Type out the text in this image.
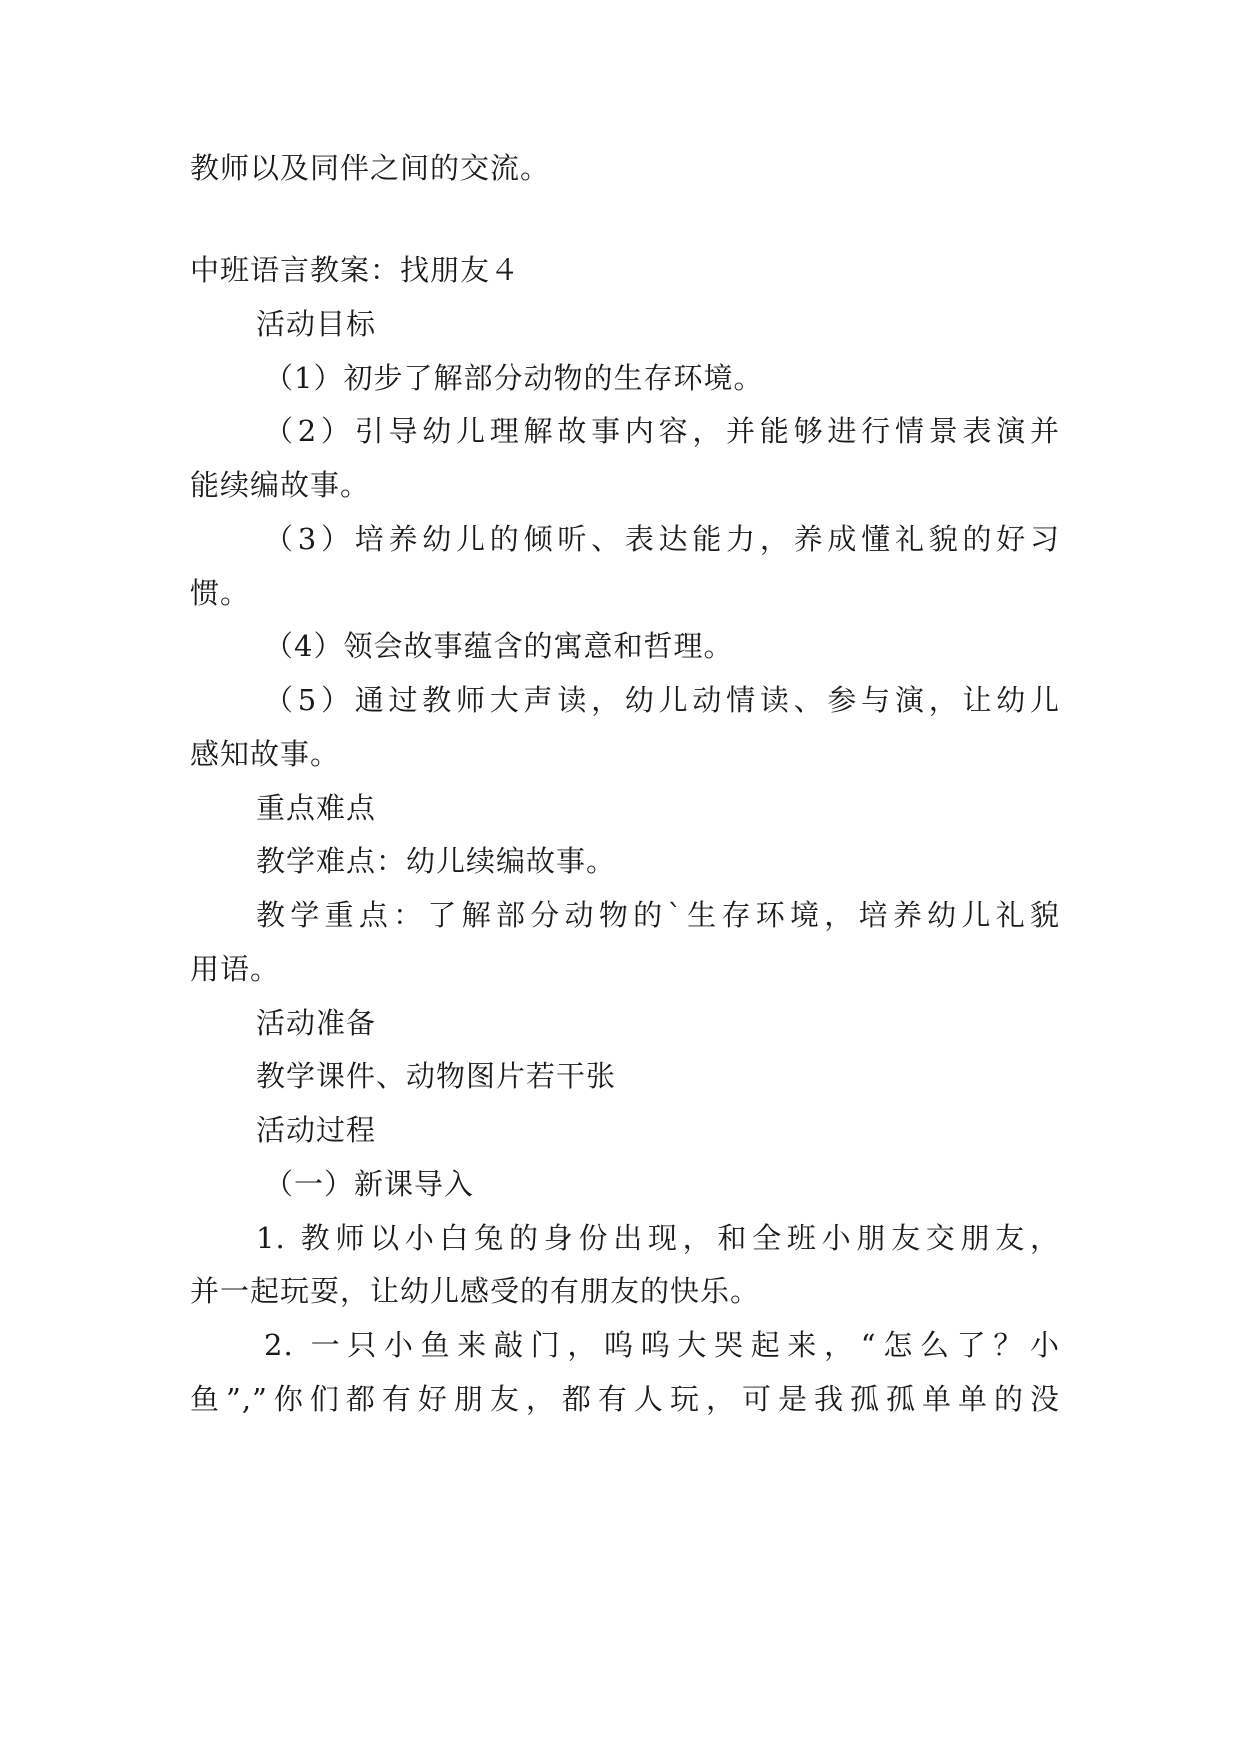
教师以及同伴之间的交流。
中班语言教案：找朋友４
活动目标
（1）初步了解部分动物的生存环境。
（2）引导幼儿理解故事内容，并能够进行情景表演并
能续编故事。
（3）培养幼儿的倾听、表达能力，养成懂礼貌的好习
惯。
（4）领会故事蕴含的寓意和哲理。
（5）通过教师大声读，幼儿动情读、参与演，让幼儿
感知故事。
重点难点
教学难点：幼儿续编故事。
教学重点：了解部分动物的`生存环境，培养幼儿礼貌
用语。
活动准备
教学课件、动物图片若干张
活动过程
（一）新课导入
1. 教师以小白兔的身份出现，和全班小朋友交朋友，
并一起玩耍，让幼儿感受的有朋友的快乐。
2. 一只小鱼来敲门，呜呜大哭起来，“怎么了？小
鱼”,”你们都有好朋友，都有人玩，可是我孤孤单单的没
